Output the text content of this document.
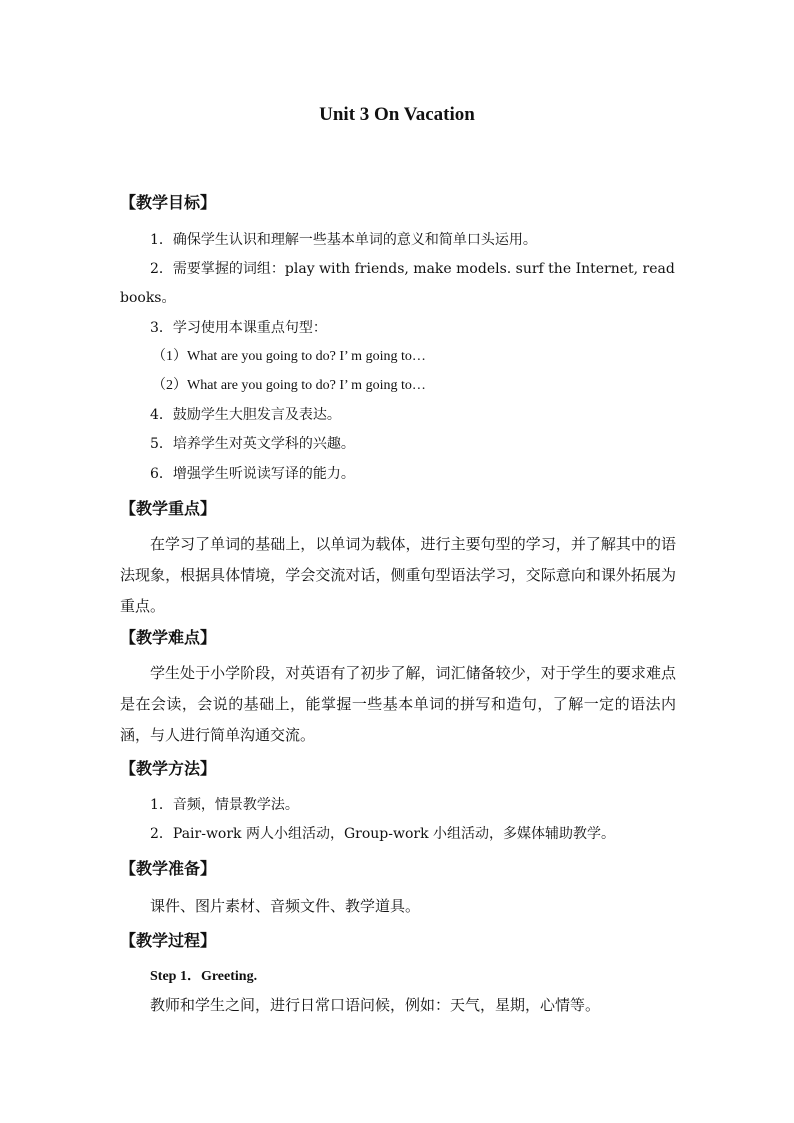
Unit 3 On Vacation
【教学目标】
1．确保学生认识和理解一些基本单词的意义和简单口头运用。
2．需要掌握的词组：play with friends, make models. surf the Internet, read
books。
3．学习使用本课重点句型：
（1）What are you going to do? I’ m going to…
（2）What are you going to do? I’ m going to…
4．鼓励学生大胆发言及表达。
5．培养学生对英文学科的兴趣。
6．增强学生听说读写译的能力。
【教学重点】
在学习了单词的基础上，以单词为载体，进行主要句型的学习，并了解其中的语法现象，根据具体情境，学会交流对话，侧重句型语法学习，交际意向和课外拓展为重点。
【教学难点】
学生处于小学阶段，对英语有了初步了解，词汇储备较少，对于学生的要求难点是在会读，会说的基础上，能掌握一些基本单词的拼写和造句，了解一定的语法内涵，与人进行简单沟通交流。
【教学方法】
1．音频，情景教学法。
2．Pair-work 两人小组活动，Group-work 小组活动，多媒体辅助教学。
【教学准备】
课件、图片素材、音频文件、教学道具。
【教学过程】
Step 1．Greeting.
教师和学生之间，进行日常口语问候，例如：天气，星期，心情等。
